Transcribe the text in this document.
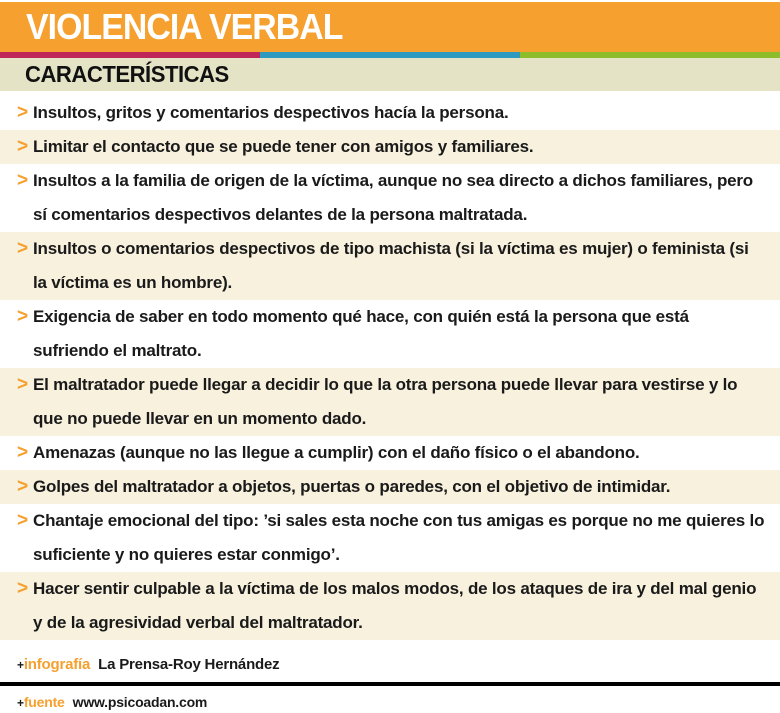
VIOLENCIA VERBAL
CARACTERÍSTICAS
> Insultos, gritos y comentarios despectivos hacía la persona.
> Limitar el contacto que se puede tener con amigos y familiares.
> Insultos a la familia de origen de la víctima, aunque no sea directo a dichos familiares, pero sí comentarios despectivos delantes de la persona maltratada.
> Insultos o comentarios despectivos de tipo machista (si la víctima es mujer) o feminista (si la víctima es un hombre).
> Exigencia de saber en todo momento qué hace, con quién está la persona que está sufriendo el maltrato.
> El maltratador puede llegar a decidir lo que la otra persona puede llevar para vestirse y lo que no puede llevar en un momento dado.
> Amenazas (aunque no las llegue a cumplir) con el daño físico o el abandono.
> Golpes del maltratador a objetos, puertas o paredes, con el objetivo de intimidar.
> Chantaje emocional del tipo: ’si sales esta noche con tus amigas es porque no me quieres lo suficiente y no quieres estar conmigo’.
> Hacer sentir culpable a la víctima de los malos modos, de los ataques de ira y del mal genio y de la agresividad verbal del maltratador.
+infografía La Prensa-Roy Hernández
+fuente www.psicoadan.com
